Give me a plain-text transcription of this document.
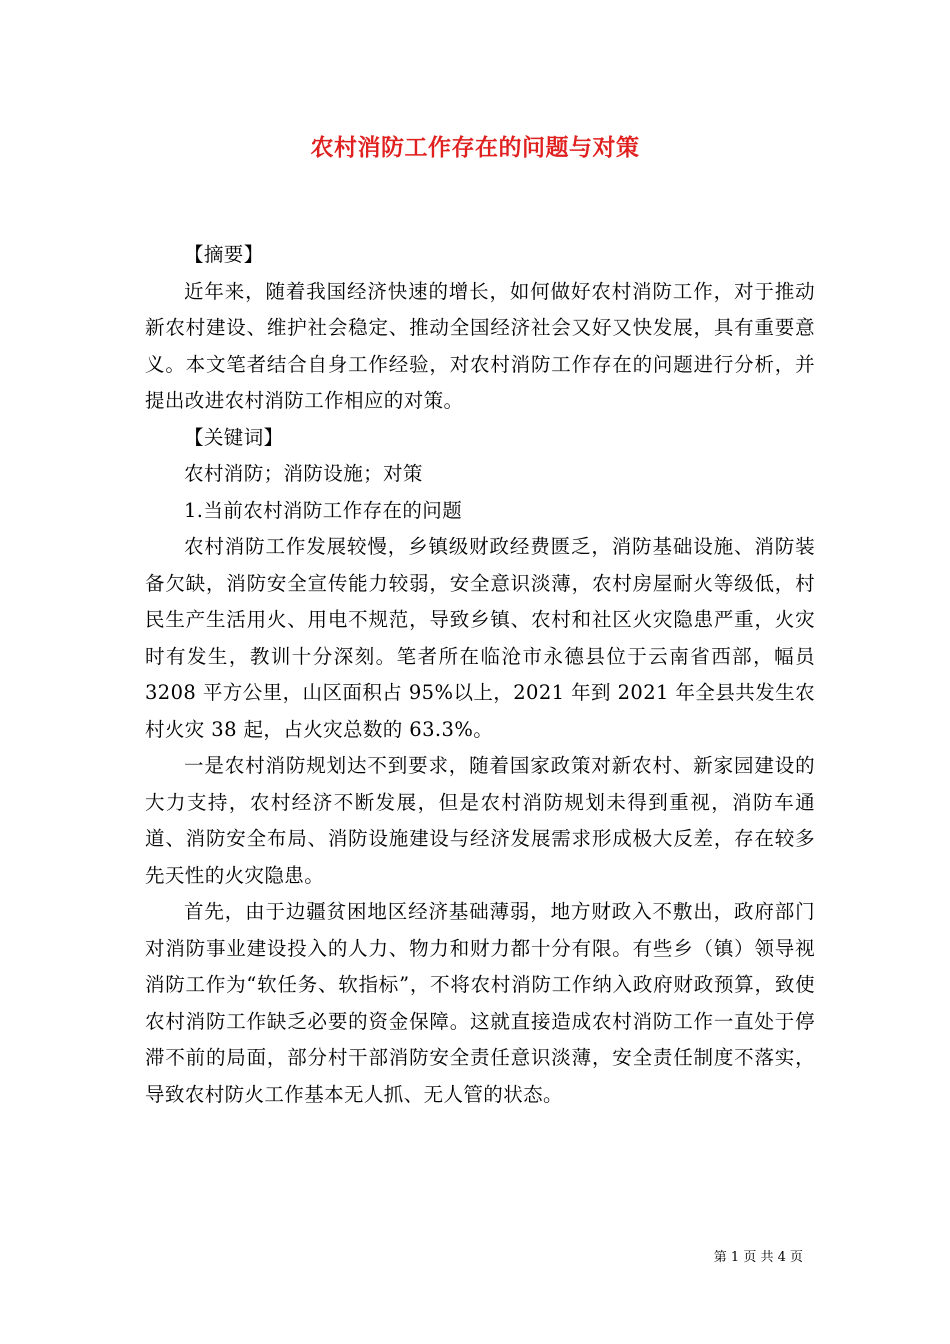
农村消防工作存在的问题与对策

【摘要】

近年来，随着我国经济快速的增长，如何做好农村消防工作，对于推动新农村建设、维护社会稳定、推动全国经济社会又好又快发展，具有重要意义。本文笔者结合自身工作经验，对农村消防工作存在的问题进行分析，并提出改进农村消防工作相应的对策。

【关键词】

农村消防；消防设施；对策

1.当前农村消防工作存在的问题

农村消防工作发展较慢，乡镇级财政经费匮乏，消防基础设施、消防装备欠缺，消防安全宣传能力较弱，安全意识淡薄，农村房屋耐火等级低，村民生产生活用火、用电不规范，导致乡镇、农村和社区火灾隐患严重，火灾时有发生，教训十分深刻。笔者所在临沧市永德县位于云南省西部，幅员 3208 平方公里，山区面积占 95%以上，2021 年到 2021 年全县共发生农村火灾 38 起，占火灾总数的 63.3%。

一是农村消防规划达不到要求，随着国家政策对新农村、新家园建设的大力支持，农村经济不断发展，但是农村消防规划未得到重视，消防车通道、消防安全布局、消防设施建设与经济发展需求形成极大反差，存在较多先天性的火灾隐患。

首先，由于边疆贫困地区经济基础薄弱，地方财政入不敷出，政府部门对消防事业建设投入的人力、物力和财力都十分有限。有些乡（镇）领导视消防工作为“软任务、软指标”，不将农村消防工作纳入政府财政预算，致使农村消防工作缺乏必要的资金保障。这就直接造成农村消防工作一直处于停滞不前的局面，部分村干部消防安全责任意识淡薄，安全责任制度不落实，导致农村防火工作基本无人抓、无人管的状态。

第 1 页 共 4 页
